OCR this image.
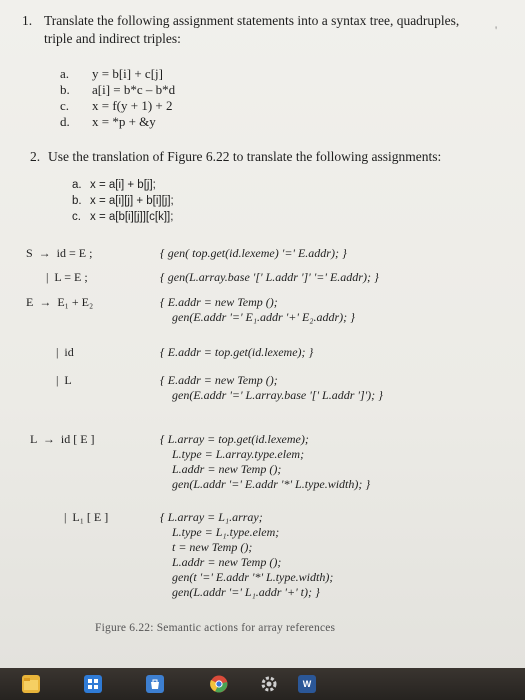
'
1. Translate the following assignment statements into a syntax tree, quadruples,
triple and indirect triples:
a. y = b[i] + c[j]
b. a[i] = b*c – b*d
c. x = f(y + 1) + 2
d. x = *p + &y
2. Use the translation of Figure 6.22 to translate the following assignments:
a. x = a[i] + b[j];
b. x = a[i][j] + b[i][j];
c. x = a[b[i][j]][c[k]];
S  →  id = E ;	{ gen( top.get(id.lexeme) '=' E.addr); }
|  L = E ;	{ gen(L.array.base '[' L.addr ']' '=' E.addr); }
E  →  E₁ + E₂	{ E.addr = new Temp ();
gen(E.addr '=' E₁.addr '+' E₂.addr); }
|  id	{ E.addr = top.get(id.lexeme); }
|  L	{ E.addr = new Temp ();
gen(E.addr '=' L.array.base '[' L.addr ']'); }
L  →  id [ E ]	{ L.array = top.get(id.lexeme);
L.type = L.array.type.elem;
L.addr = new Temp ();
gen(L.addr '=' E.addr '*' L.type.width); }
|  L₁ [ E ]	{ L.array = L₁.array;
L.type = L₁.type.elem;
t = new Temp ();
L.addr = new Temp ();
gen(t '=' E.addr '*' L.type.width);
gen(L.addr '=' L₁.addr '+' t); }
Figure 6.22: Semantic actions for array references
W
